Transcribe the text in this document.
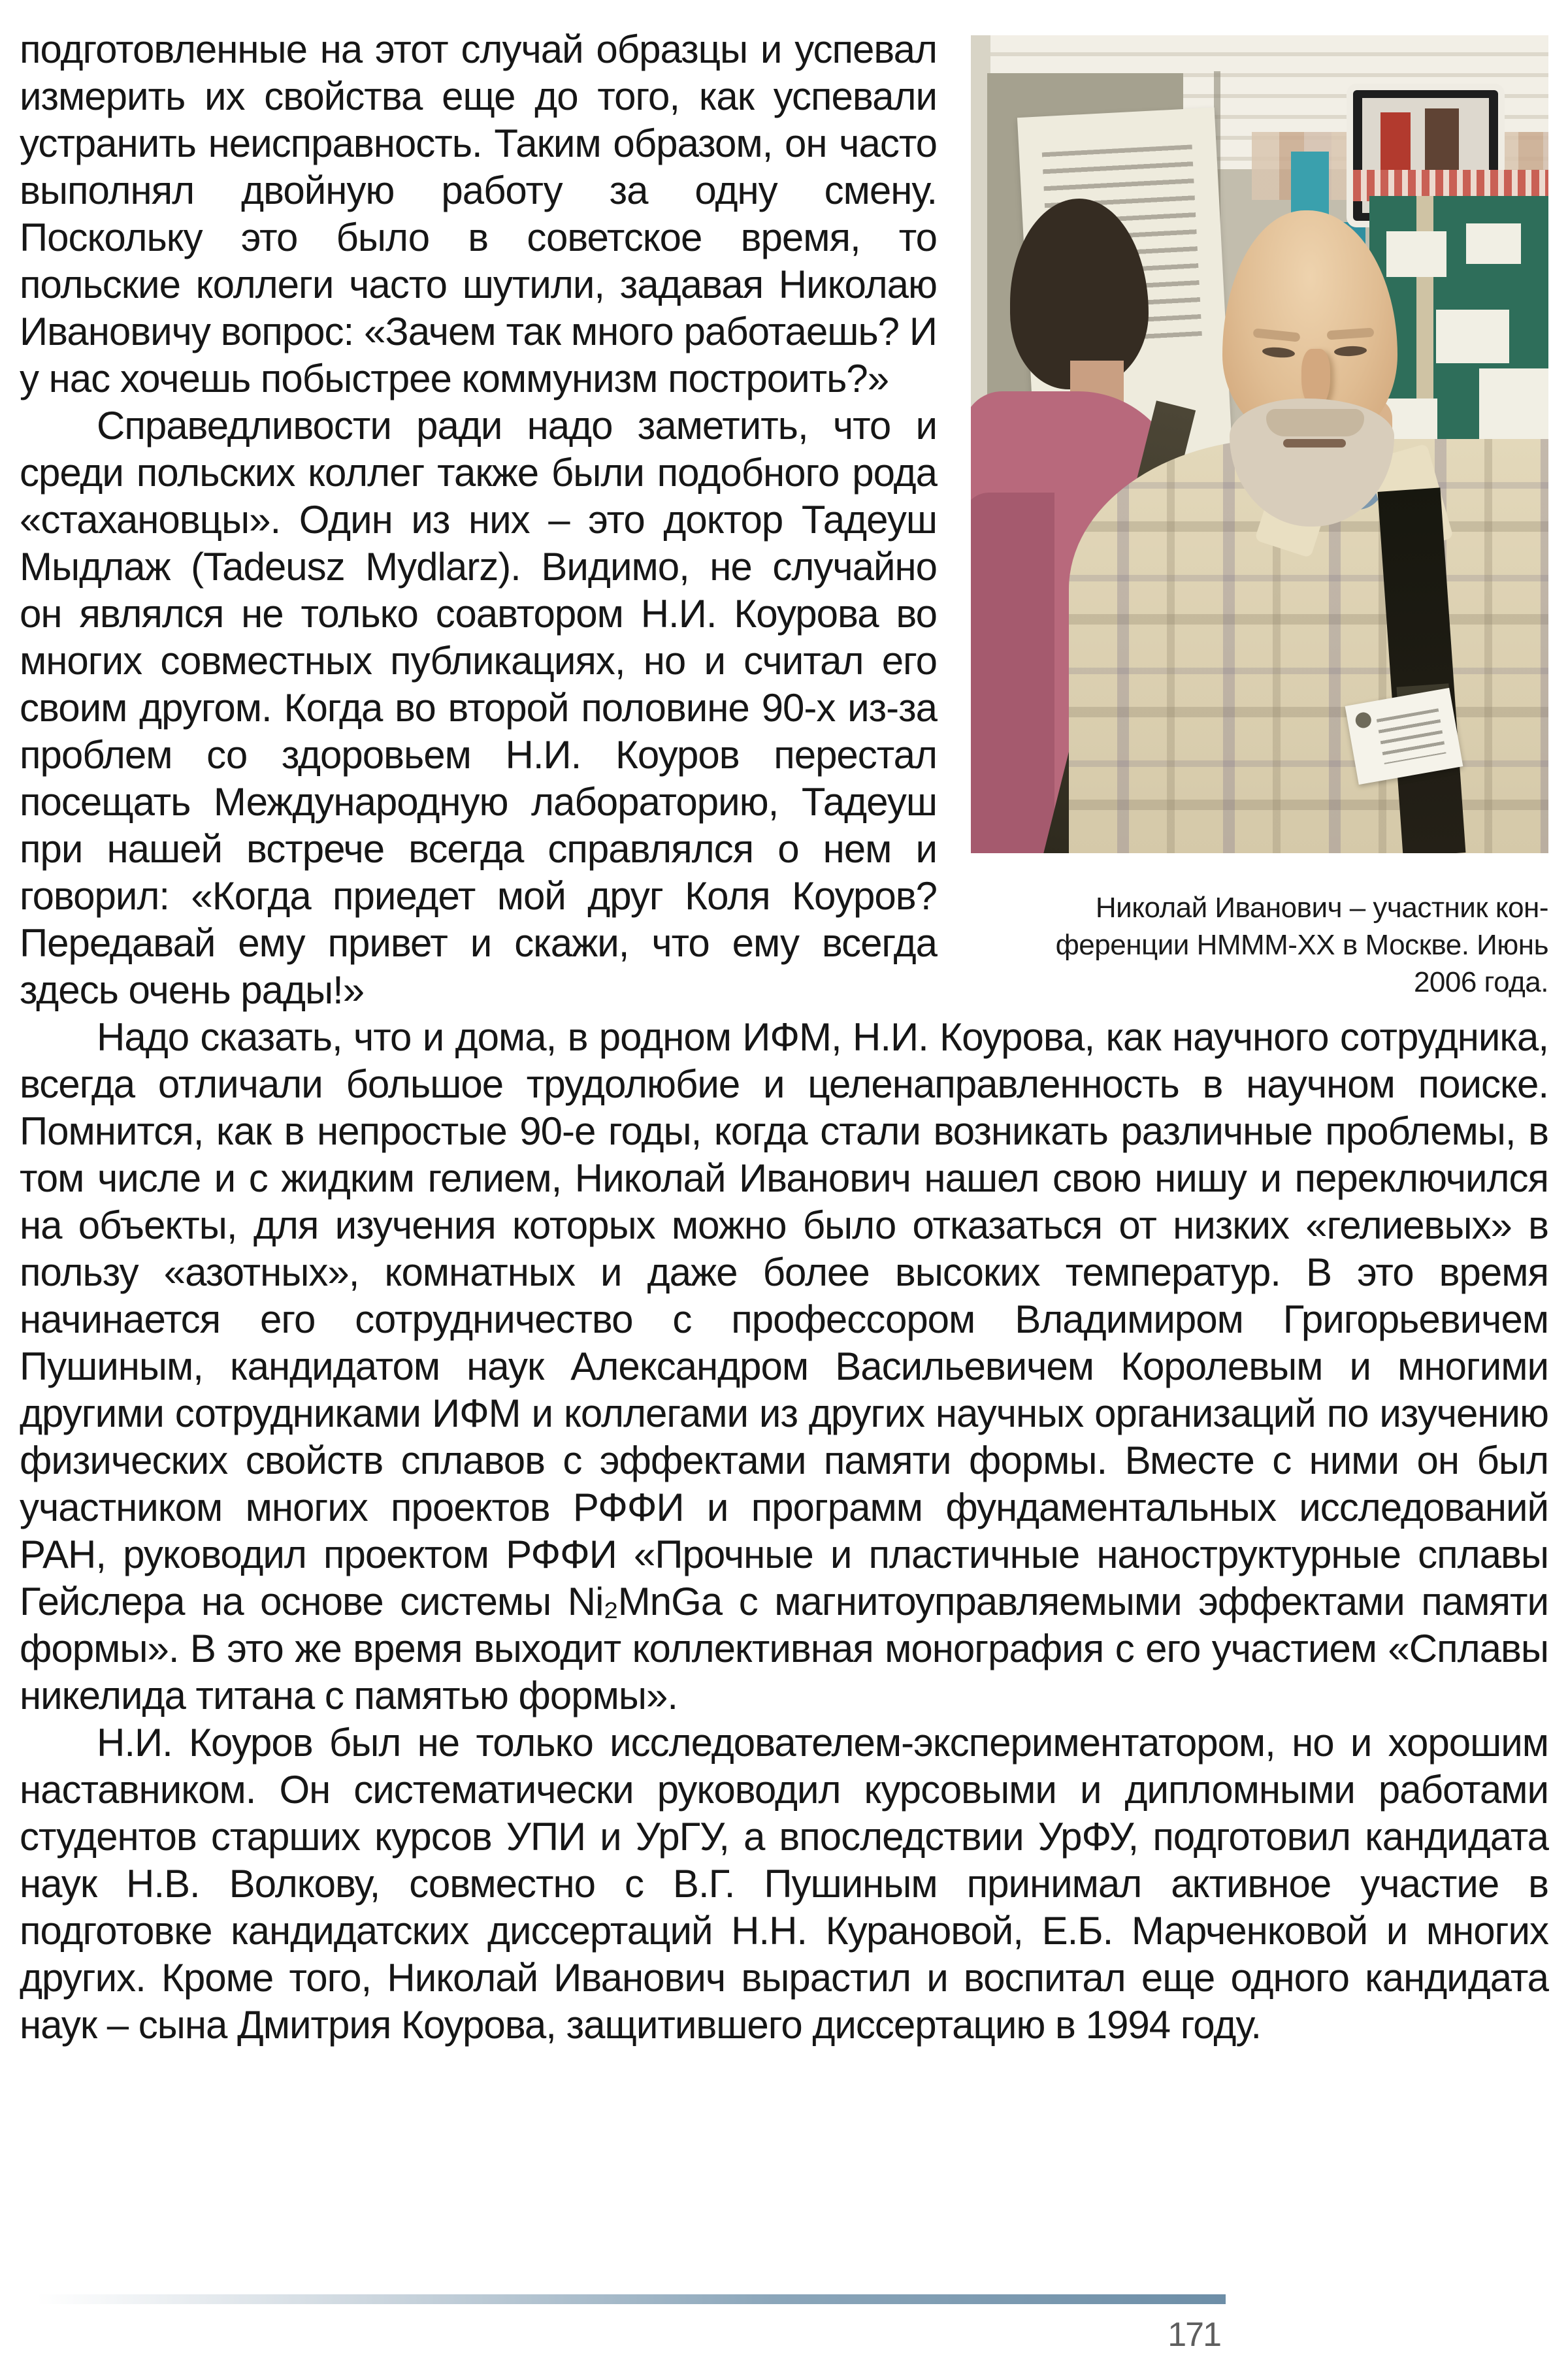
Николай Иванович – участник кон-
ференции НМММ-ХХ в Москве. Июнь
2006 года.

подготовленные на этот случай образцы и успевал измерить их свойства еще до того, как успевали устранить неисправность. Таким образом, он часто выполнял двойную работу за одну смену. Поскольку это было в советское время, то польские коллеги часто шутили, задавая Николаю Ивановичу вопрос: «Зачем так много работаешь? И у нас хочешь побыстрее коммунизм построить?»

Справедливости ради надо заметить, что и среди польских коллег также были подобного рода «стахановцы». Один из них – это доктор Тадеуш Мыдлаж (Tadeusz Mydlarz). Видимо, не случайно он являлся не только соавтором Н.И. Коурова во многих совместных публикациях, но и считал его своим другом. Когда во второй половине 90-х из-за проблем со здоровьем Н.И. Коуров перестал посещать Международную лабораторию, Тадеуш при нашей встрече всегда справлялся о нем и говорил: «Когда приедет мой друг Коля Коуров? Передавай ему привет и скажи, что ему всегда здесь очень рады!»

Надо сказать, что и дома, в родном ИФМ, Н.И. Коурова, как научного сотрудника, всегда отличали большое трудолюбие и целенаправленность в научном поиске. Помнится, как в непростые 90-е годы, когда стали возникать различные проблемы, в том числе и с жидким гелием, Николай Иванович нашел свою нишу и переключился на объекты, для изучения которых можно было отказаться от низких «гелиевых» в пользу «азотных», комнатных и даже более высоких температур. В это время начинается его сотрудничество с профессором Владимиром Григорьевичем Пушиным, кандидатом наук Александром Васильевичем Королевым и многими другими сотрудниками ИФМ и коллегами из других научных организаций по изучению физических свойств сплавов с эффектами памяти формы. Вместе с ними он был участником многих проектов РФФИ и программ фундаментальных исследований РАН, руководил проектом РФФИ «Прочные и пластичные наноструктурные сплавы Гейслера на основе системы Ni₂MnGa с магнитоуправляемыми эффектами памяти формы». В это же время выходит коллективная монография с его участием «Сплавы никелида титана с памятью формы».

Н.И. Коуров был не только исследователем-экспериментатором, но и хорошим наставником. Он систематически руководил курсовыми и дипломными работами студентов старших курсов УПИ и УрГУ, а впоследствии УрФУ, подготовил кандидата наук Н.В. Волкову, совместно с В.Г. Пушиным принимал активное участие в подготовке кандидатских диссертаций Н.Н. Курановой, Е.Б. Марченковой и многих других. Кроме того, Николай Иванович вырастил и воспитал еще одного кандидата наук – сына Дмитрия Коурова, защитившего диссертацию в 1994 году.

171
